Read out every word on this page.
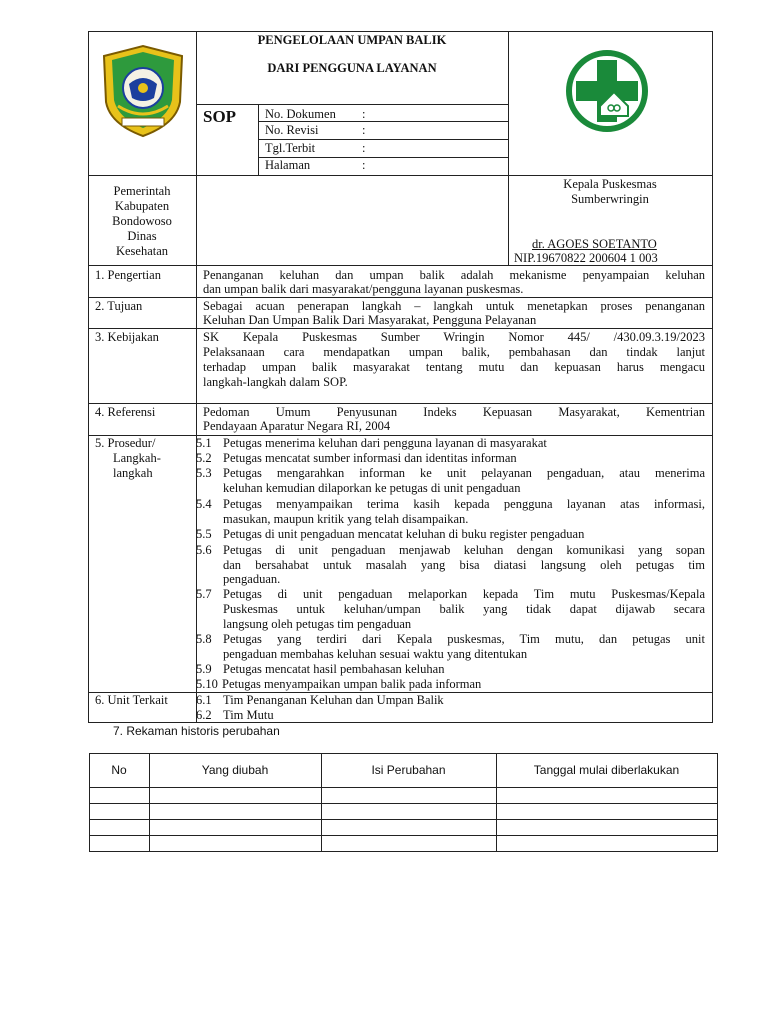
PENGELOLAAN UMPAN BALIK
DARI PENGGUNA LAYANAN
SOP No. Dokumen :
No. Revisi	:
Tgl.Terbit	:
Halaman	:
Pemerintah
Kabupaten
Bondowoso
Dinas
Kesehatan
Kepala Puskesmas
Sumberwringin
dr. AGOES SOETANTO
NIP.19670822 200604 1 003
1. Pengertian	Penanganan keluhan dan umpan balik adalah mekanisme penyampaian keluhan
dan umpan balik dari masyarakat/pengguna layanan puskesmas.
2. Tujuan	Sebagai acuan penerapan langkah – langkah untuk menetapkan proses penanganan
Keluhan Dan Umpan Balik Dari Masyarakat, Pengguna Pelayanan
3. Kebijakan	SK Kepala Puskesmas Sumber Wringin Nomor 445/ /430.09.3.19/2023
Pelaksanaan cara mendapatkan umpan balik, pembahasan dan tindak lanjut
terhadap umpan balik masyarakat tentang mutu dan kepuasan harus mengacu
langkah-langkah dalam SOP.
4. Referensi	Pedoman Umum Penyusunan Indeks Kepuasan Masyarakat, Kementrian
Pendayaan Aparatur Negara RI, 2004
5. Prosedur/
Langkah-
langkah
5.1 Petugas menerima keluhan dari pengguna layanan di masyarakat
5.2 Petugas mencatat sumber informasi dan identitas informan
5.3 Petugas mengarahkan informan ke unit pelayanan pengaduan, atau menerima
keluhan kemudian dilaporkan ke petugas di unit pengaduan
5.4 Petugas menyampaikan terima kasih kepada pengguna layanan atas informasi,
masukan, maupun kritik yang telah disampaikan.
5.5 Petugas di unit pengaduan mencatat keluhan di buku register pengaduan
5.6 Petugas di unit pengaduan menjawab keluhan dengan komunikasi yang sopan
dan bersahabat untuk masalah yang bisa diatasi langsung oleh petugas tim
pengaduan.
5.7 Petugas di unit pengaduan melaporkan kepada Tim mutu Puskesmas/Kepala
Puskesmas untuk keluhan/umpan balik yang tidak dapat dijawab secara
langsung oleh petugas tim pengaduan
5.8 Petugas yang terdiri dari Kepala puskesmas, Tim mutu, dan petugas unit
pengaduan membahas keluhan sesuai waktu yang ditentukan
5.9 Petugas mencatat hasil pembahasan keluhan
5.10 Petugas menyampaikan umpan balik pada informan
6. Unit Terkait 6.1 Tim Penanganan Keluhan dan Umpan Balik
6.2 Tim Mutu
7. Rekaman historis perubahan
No	Yang diubah	Isi Perubahan	Tanggal mulai diberlakukan
